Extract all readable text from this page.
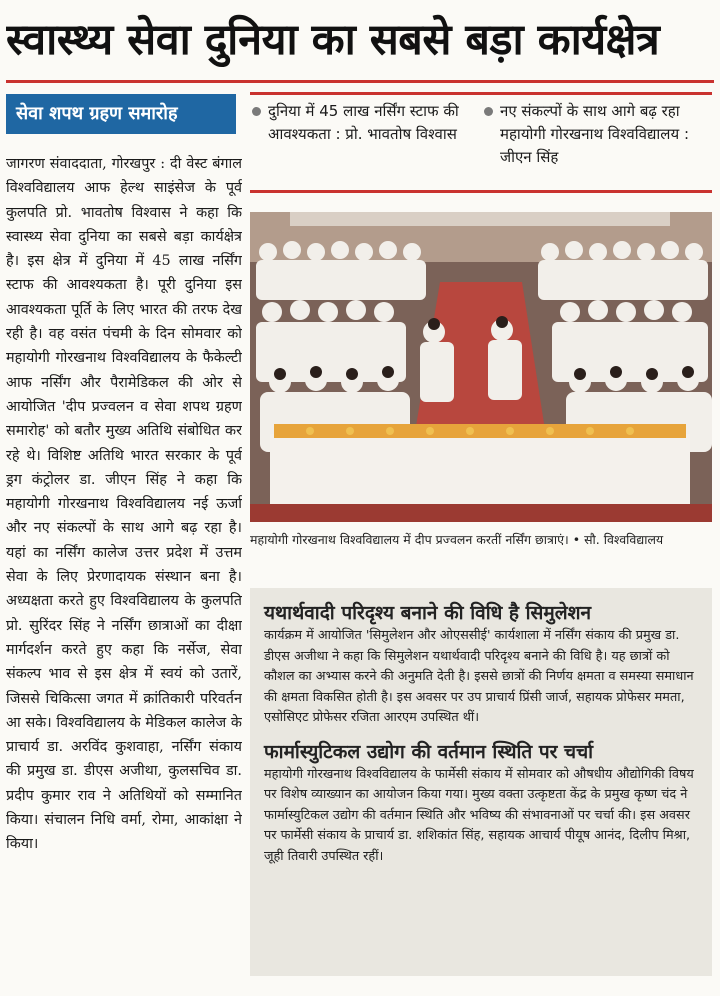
स्वास्थ्य सेवा दुनिया का सबसे बड़ा कार्यक्षेत्र
सेवा शपथ ग्रहण समारोह
जागरण संवाददाता, गोरखपुर : दी वेस्ट बंगाल विश्वविद्यालय आफ हेल्थ साइंसेज के पूर्व कुलपति प्रो. भावतोष विश्वास ने कहा कि स्वास्थ्य सेवा दुनिया का सबसे बड़ा कार्यक्षेत्र है। इस क्षेत्र में दुनिया में 45 लाख नर्सिंग स्टाफ की आवश्यकता है। पूरी दुनिया इस आवश्यकता पूर्ति के लिए भारत की तरफ देख रही है। वह वसंत पंचमी के दिन सोमवार को महायोगी गोरखनाथ विश्वविद्यालय के फैकेल्टी आफ नर्सिंग और पैरामेडिकल की ओर से आयोजित 'दीप प्रज्वलन व सेवा शपथ ग्रहण समारोह' को बतौर मुख्य अतिथि संबोधित कर रहे थे। विशिष्ट अतिथि भारत सरकार के पूर्व ड्रग कंट्रोलर डा. जीएन सिंह ने कहा कि महायोगी गोरखनाथ विश्वविद्यालय नई ऊर्जा और नए संकल्पों के साथ आगे बढ़ रहा है। यहां का नर्सिंग कालेज उत्तर प्रदेश में उत्तम सेवा के लिए प्रेरणादायक संस्थान बना है। अध्यक्षता करते हुए विश्वविद्यालय के कुलपति प्रो. सुरिंदर सिंह ने नर्सिंग छात्राओं का दीक्षा मार्गदर्शन करते हुए कहा कि नर्सेज, सेवा संकल्प भाव से इस क्षेत्र में स्वयं को उतारें, जिससे चिकित्सा जगत में क्रांतिकारी परिवर्तन आ सके। विश्वविद्यालय के मेडिकल कालेज के प्राचार्य डा. अरविंद कुशवाहा, नर्सिंग संकाय की प्रमुख डा. डीएस अजीथा, कुलसचिव डा. प्रदीप कुमार राव ने अतिथियों को सम्मानित किया। संचालन निधि वर्मा, रोमा, आकांक्षा ने किया।
दुनिया में 45 लाख नर्सिंग स्टाफ की आवश्यकता : प्रो. भावतोष विश्वास
नए संकल्पों के साथ आगे बढ़ रहा महायोगी गोरखनाथ विश्वविद्यालय : जीएन सिंह
महायोगी गोरखनाथ विश्वविद्यालय में दीप प्रज्वलन करतीं नर्सिंग छात्राएं। • सौ. विश्वविद्यालय
यथार्थवादी परिदृश्य बनाने की विधि है सिमुलेशन

कार्यक्रम में आयोजित 'सिमुलेशन और ओएससीई' कार्यशाला में नर्सिंग संकाय की प्रमुख डा. डीएस अजीथा ने कहा कि सिमुलेशन यथार्थवादी परिदृश्य बनाने की विधि है। यह छात्रों को कौशल का अभ्यास करने की अनुमति देती है। इससे छात्रों की निर्णय क्षमता व समस्या समाधान की क्षमता विकसित होती है। इस अवसर पर उप प्राचार्य प्रिंसी जार्ज, सहायक प्रोफेसर ममता, एसोसिएट प्रोफेसर रजिता आरएम उपस्थित थीं।

फार्मास्युटिकल उद्योग की वर्तमान स्थिति पर चर्चा

महायोगी गोरखनाथ विश्वविद्यालय के फार्मेसी संकाय में सोमवार को औषधीय औद्योगिकी विषय पर विशेष व्याख्यान का आयोजन किया गया। मुख्य वक्ता उत्कृष्टता केंद्र के प्रमुख कृष्ण चंद ने फार्मास्युटिकल उद्योग की वर्तमान स्थिति और भविष्य की संभावनाओं पर चर्चा की। इस अवसर पर फार्मेसी संकाय के प्राचार्य डा. शशिकांत सिंह, सहायक आचार्य पीयूष आनंद, दिलीप मिश्रा, जूही तिवारी उपस्थित रहीं।
